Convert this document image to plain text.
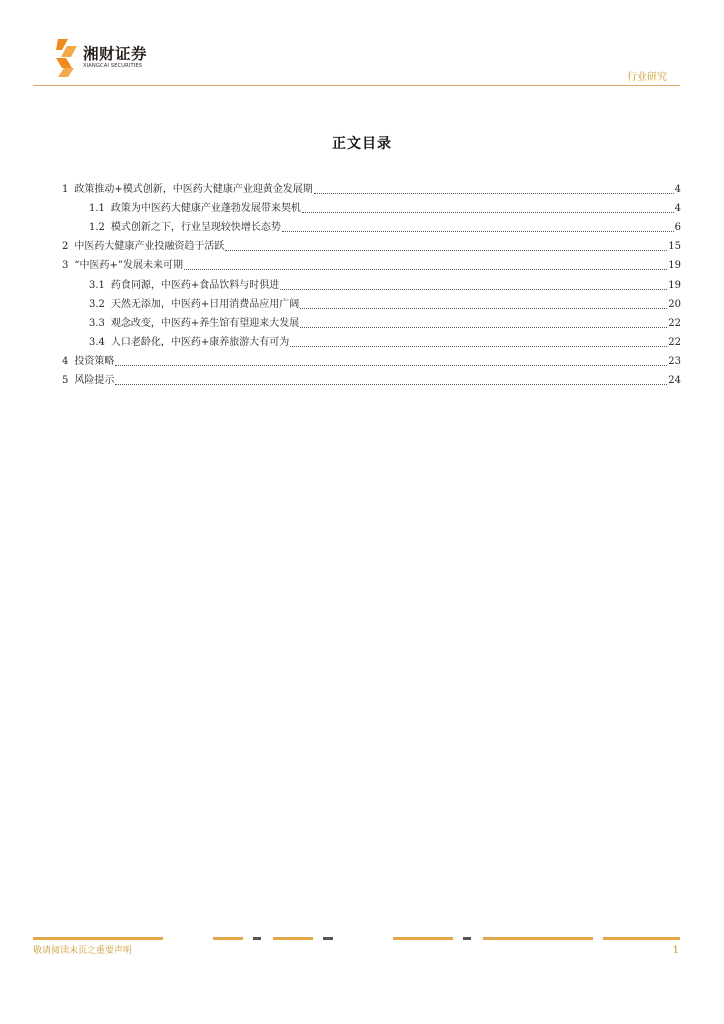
湘财证券
XIANGCAI SECURITIES
行业研究
正文目录
1 政策推动+模式创新，中医药大健康产业迎黄金发展期	4
1.1 政策为中医药大健康产业蓬勃发展带来契机	4
1.2 模式创新之下，行业呈现较快增长态势	6
2 中医药大健康产业投融资趋于活跃	15
3 “中医药+”发展未来可期	19
3.1 药食同源，中医药+食品饮料与时俱进	19
3.2 天然无添加，中医药+日用消费品应用广阔	20
3.3 观念改变，中医药+养生馆有望迎来大发展	22
3.4 人口老龄化，中医药+康养旅游大有可为	22
4 投资策略	23
5 风险提示	24
敬请阅读末页之重要声明	1
